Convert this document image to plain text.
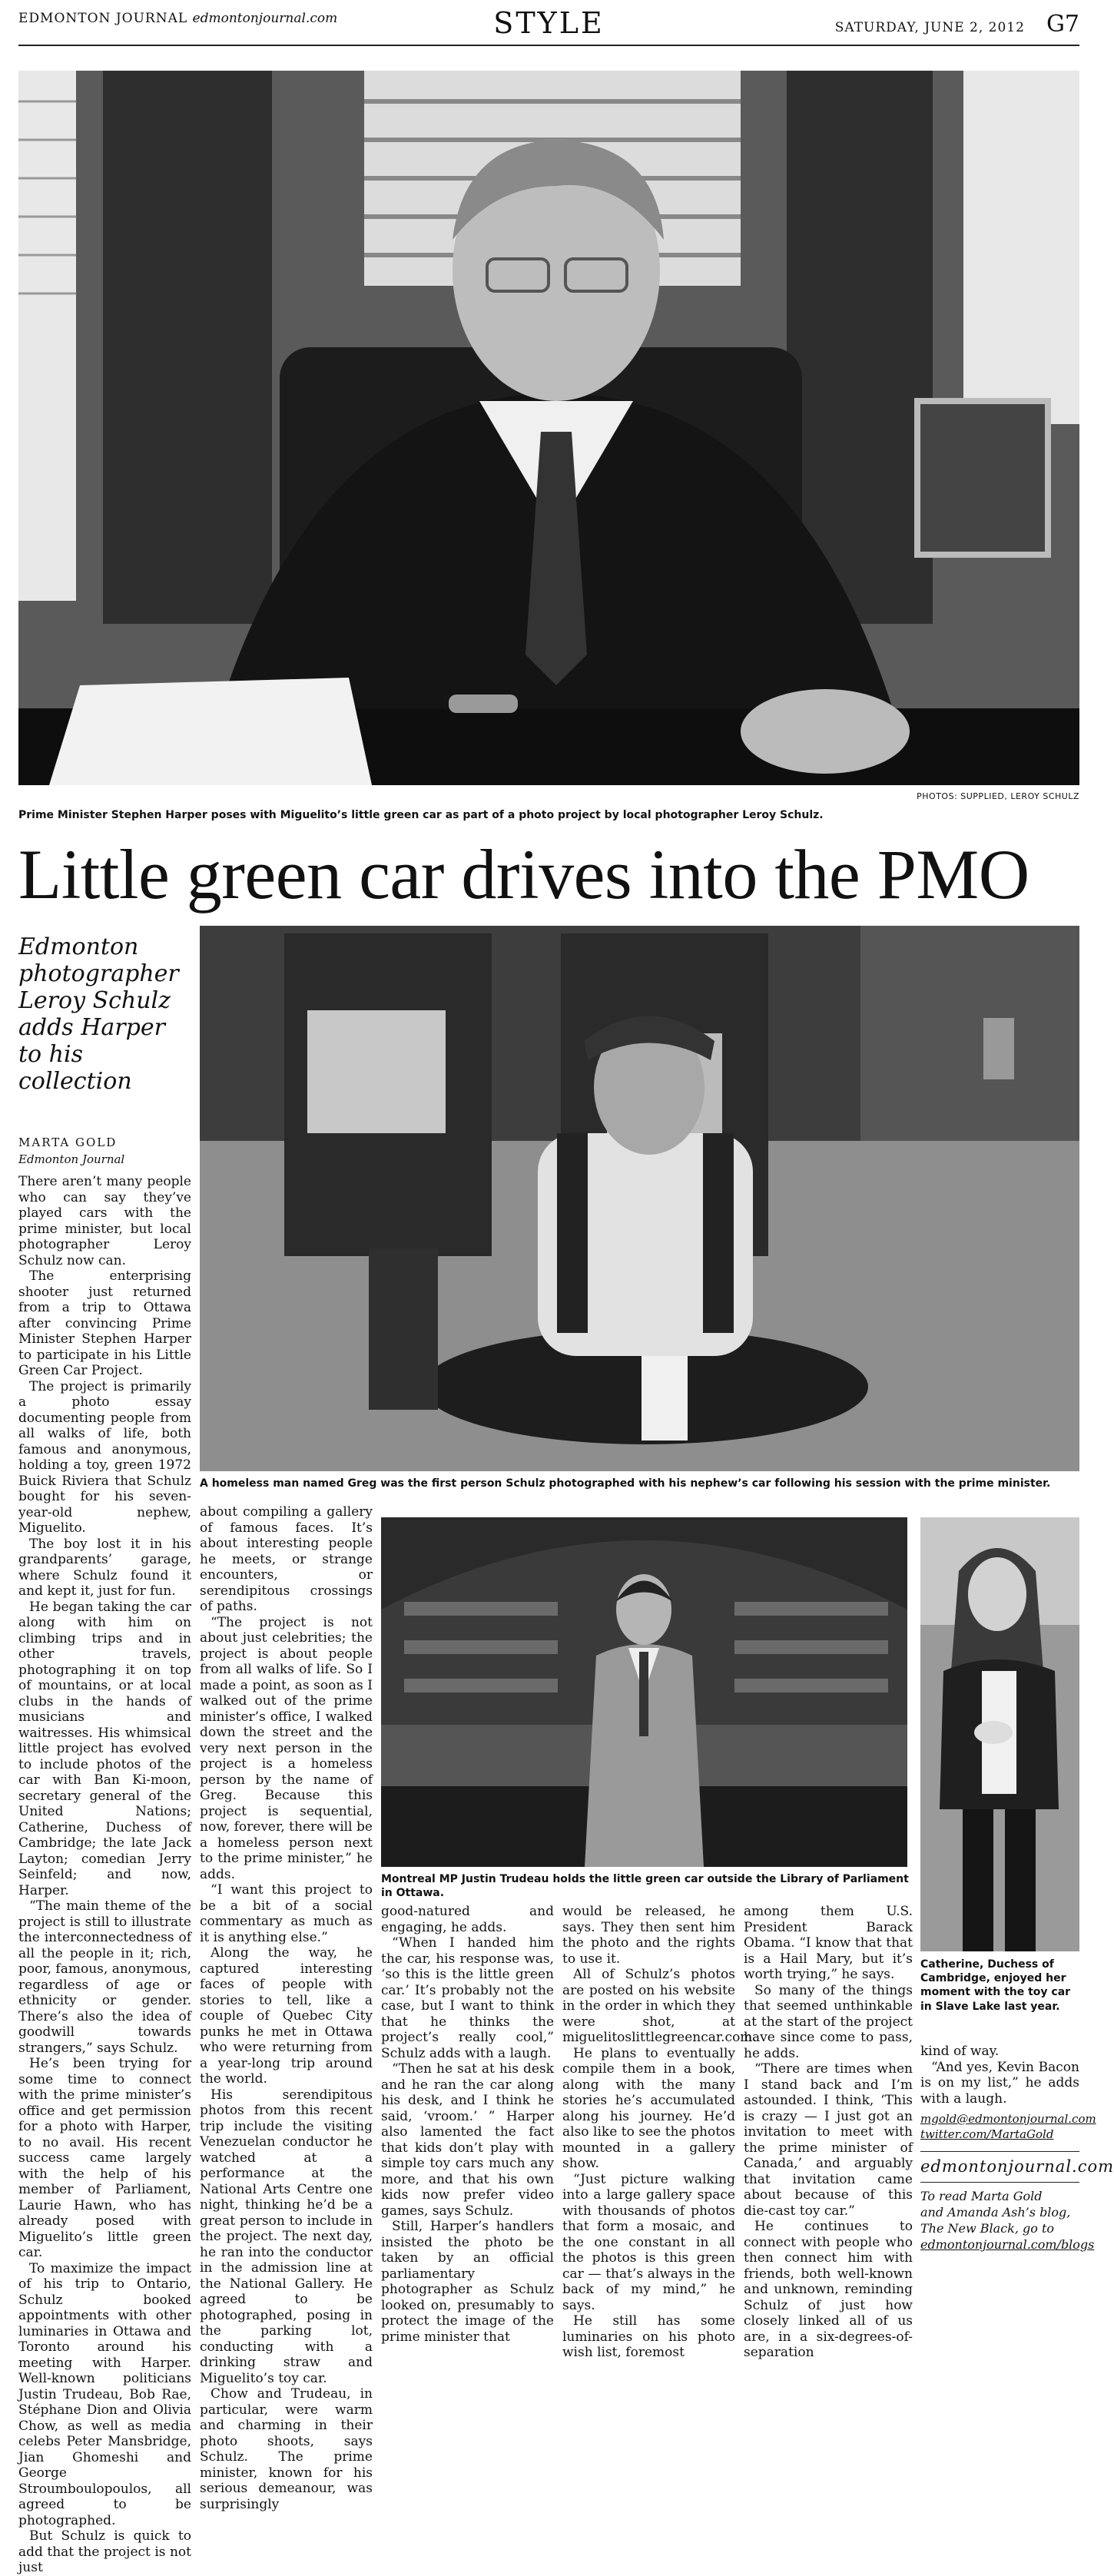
EDMONTON JOURNAL edmontonjournal.com	STYLE	SATURDAY, JUNE 2, 2012 G7
PHOTOS: SUPPLIED, LEROY SCHULZ
Prime Minister Stephen Harper poses with Miguelito’s little green car as part of a photo project by local photographer Leroy Schulz.
Little green car drives into the PMO
Edmonton photographer Leroy Schulz adds Harper to his collection
MARTA GOLD
Edmonton Journal
A homeless man named Greg was the first person Schulz photographed with his nephew’s car following his session with the prime minister.

There aren’t many people who can say they’ve played cars with the prime minister, but local photographer Leroy Schulz now can.

The enterprising shooter just returned from a trip to Ottawa after convincing Prime Minister Stephen Harper to participate in his Little Green Car Project.

The project is primarily a photo essay documenting people from all walks of life, both famous and anonymous, holding a toy, green 1972 Buick Riviera that Schulz bought for his seven-year-old nephew, Miguelito.

The boy lost it in his grandparents’ garage, where Schulz found it and kept it, just for fun.

He began taking the car along with him on climbing trips and in other travels, photographing it on top of mountains, or at local clubs in the hands of musicians and waitresses. His whimsical little project has evolved to include photos of the car with Ban Ki-moon, secretary general of the United Nations; Catherine, Duchess of Cambridge; the late Jack Layton; comedian Jerry Seinfeld; and now, Harper.

“The main theme of the project is still to illustrate the interconnectedness of all the people in it; rich, poor, famous, anonymous, regardless of age or ethnicity or gender. There’s also the idea of goodwill towards strangers,” says Schulz.

He’s been trying for some time to connect with the prime minister’s office and get permission for a photo with Harper, to no avail. His recent success came largely with the help of his member of Parliament, Laurie Hawn, who has already posed with Miguelito’s little green car.

To maximize the impact of his trip to Ontario, Schulz booked appointments with other luminaries in Ottawa and Toronto around his meeting with Harper. Well-known politicians Justin Trudeau, Bob Rae, Stéphane Dion and Olivia Chow, as well as media celebs Peter Mansbridge, Jian Ghomeshi and George Stroumboulopoulos, all agreed to be photographed.

But Schulz is quick to add that the project is not just

about compiling a gallery of famous faces. It’s about interesting people he meets, or strange encounters, or serendipitous crossings of paths.

“The project is not about just celebrities; the project is about people from all walks of life. So I made a point, as soon as I walked out of the prime minister’s office, I walked down the street and the very next person in the project is a homeless person by the name of Greg. Because this project is sequential, now, forever, there will be a homeless person next to the prime minister,” he adds.

“I want this project to be a bit of a social commentary as much as it is anything else.”

Along the way, he captured interesting faces of people with stories to tell, like a couple of Quebec City punks he met in Ottawa who were returning from a year-long trip around the world.

His serendipitous photos from this recent trip include the visiting Venezuelan conductor he watched at a performance at the National Arts Centre one night, thinking he’d be a great person to include in the project. The next day, he ran into the conductor in the admission line at the National Gallery. He agreed to be photographed, posing in the parking lot, conducting with a drinking straw and Miguelito’s toy car.

Chow and Trudeau, in particular, were warm and charming in their photo shoots, says Schulz. The prime minister, known for his serious demeanour, was surprisingly

Montreal MP Justin Trudeau holds the little green car outside the Library of Parliament in Ottawa.
Catherine, Duchess of Cambridge, enjoyed her moment with the toy car in Slave Lake last year.

good-natured and engaging, he adds.

“When I handed him the car, his response was, ‘so this is the little green car.’ It’s probably not the case, but I want to think that he thinks the project’s really cool,” Schulz adds with a laugh.

“Then he sat at his desk and he ran the car along his desk, and I think he said, ‘vroom.’ ” Harper also lamented the fact that kids don’t play with simple toy cars much any more, and that his own kids now prefer video games, says Schulz.

Still, Harper’s handlers insisted the photo be taken by an official parliamentary photographer as Schulz looked on, presumably to protect the image of the prime minister that

would be released, he says. They then sent him the photo and the rights to use it.

All of Schulz’s photos are posted on his website in the order in which they were shot, at miguelitoslittlegreencar.com.

He plans to eventually compile them in a book, along with the many stories he’s accumulated along his journey. He’d also like to see the photos mounted in a gallery show.

“Just picture walking into a large gallery space with thousands of photos that form a mosaic, and the one constant in all the photos is this green car — that’s always in the back of my mind,” he says.

He still has some luminaries on his photo wish list, foremost

among them U.S. President Barack Obama. “I know that that is a Hail Mary, but it’s worth trying,” he says.

So many of the things that seemed unthinkable at the start of the project have since come to pass, he adds.

“There are times when I stand back and I’m astounded. I think, ‘This is crazy — I just got an invitation to meet with the prime minister of Canada,’ and arguably that invitation came about because of this die-cast toy car.”

He continues to connect with people who then connect him with friends, both well-known and unknown, reminding Schulz of just how closely linked all of us are, in a six-degrees-of-separation

kind of way.

“And yes, Kevin Bacon is on my list,” he adds with a laugh.

mgold@edmontonjournal.com
twitter.com/MartaGold
edmontonjournal.com
To read Marta Gold
and Amanda Ash’s blog,
The New Black, go to
edmontonjournal.com/blogs
